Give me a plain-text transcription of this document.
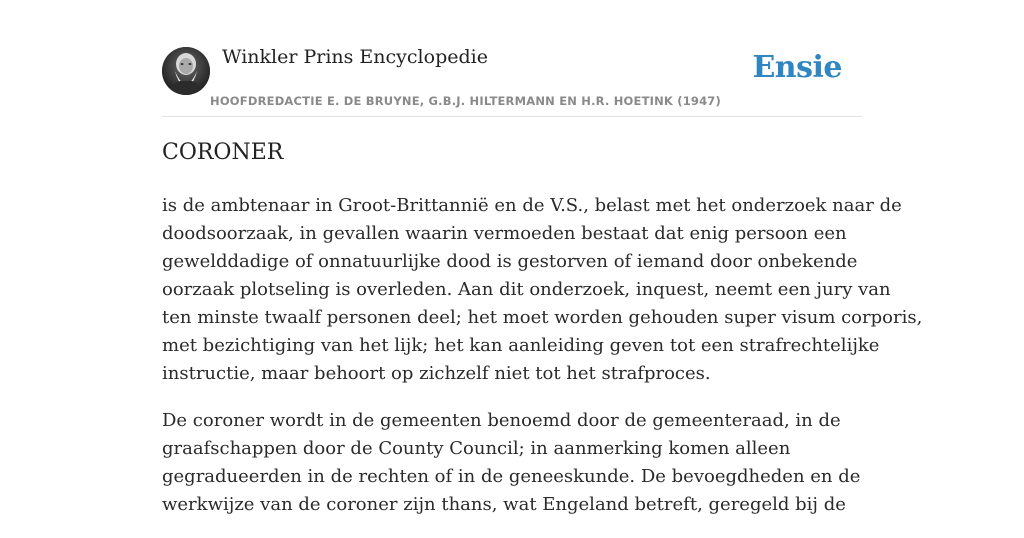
Winkler Prins Encyclopedie
HOOFDREDACTIE E. DE BRUYNE, G.B.J. HILTERMANN EN H.R. HOETINK (1947)
Ensie
CORONER

is de ambtenaar in Groot-Brittannië en de V.S., belast met het onderzoek naar de
doodsoorzaak, in gevallen waarin vermoeden bestaat dat enig persoon een
gewelddadige of onnatuurlijke dood is gestorven of iemand door onbekende
oorzaak plotseling is overleden. Aan dit onderzoek, inquest, neemt een jury van
ten minste twaalf personen deel; het moet worden gehouden super visum corporis,
met bezichtiging van het lijk; het kan aanleiding geven tot een strafrechtelijke
instructie, maar behoort op zichzelf niet tot het strafproces.

De coroner wordt in de gemeenten benoemd door de gemeenteraad, in de
graafschappen door de County Council; in aanmerking komen alleen
gegradueerden in de rechten of in de geneeskunde. De bevoegdheden en de
werkwijze van de coroner zijn thans, wat Engeland betreft, geregeld bij de
